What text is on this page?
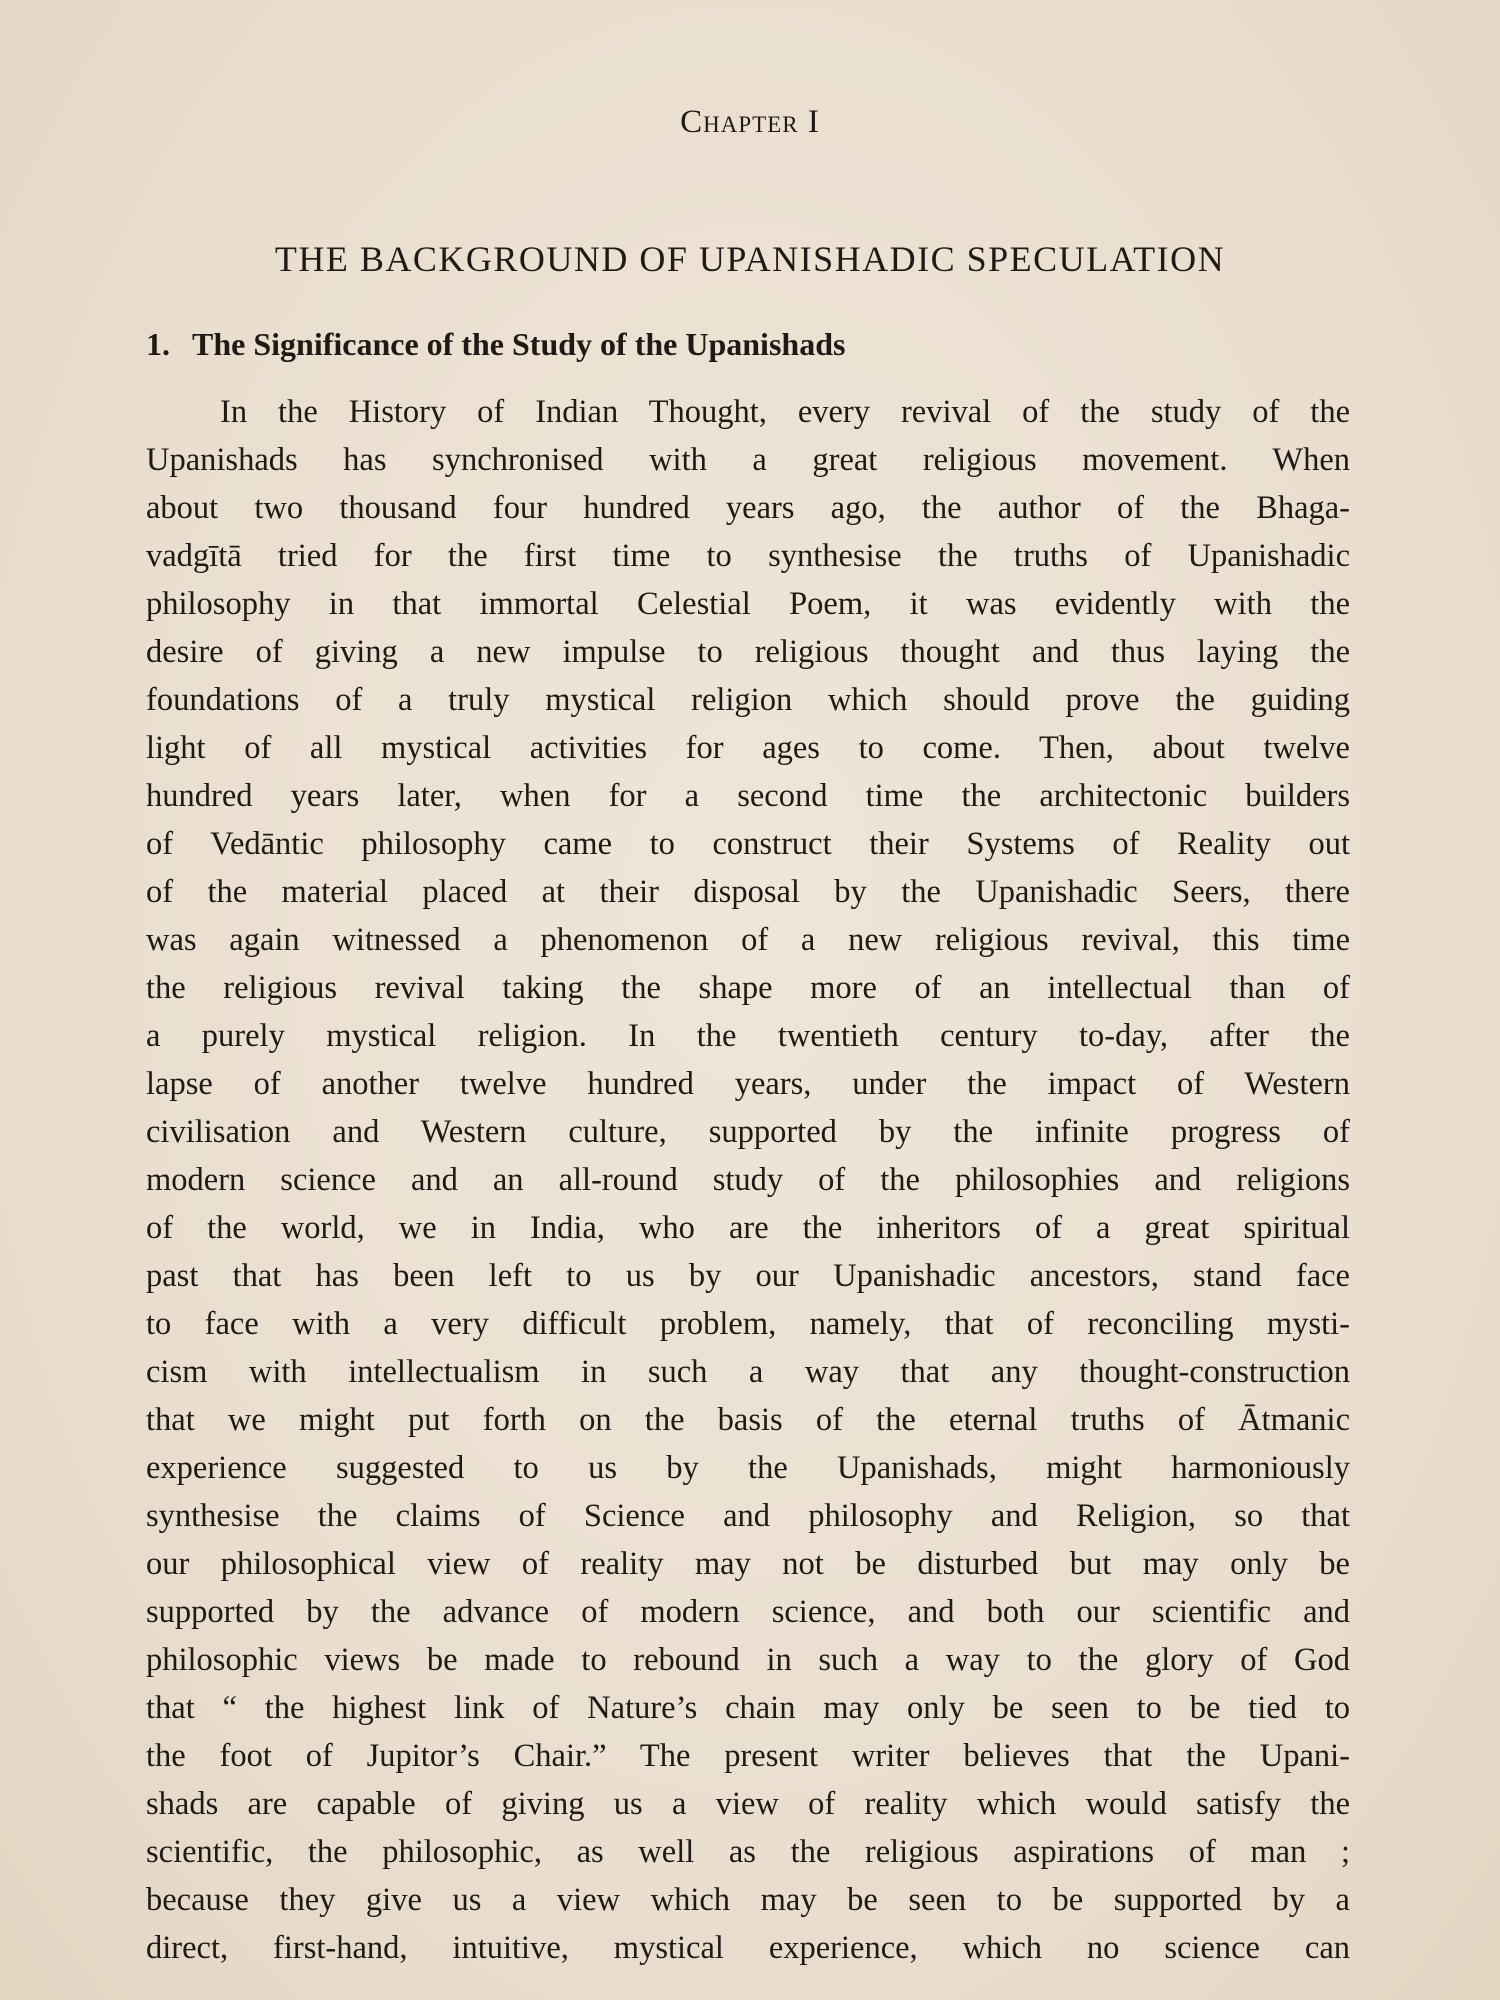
Chapter I
THE BACKGROUND OF UPANISHADIC SPECULATION
1. The Significance of the Study of the Upanishads
In the History of Indian Thought, every revival of the study of the
Upanishads has synchronised with a great religious movement. When
about two thousand four hundred years ago, the author of the Bhaga-
vadgītā tried for the first time to synthesise the truths of Upanishadic
philosophy in that immortal Celestial Poem, it was evidently with the
desire of giving a new impulse to religious thought and thus laying the
foundations of a truly mystical religion which should prove the guiding
light of all mystical activities for ages to come. Then, about twelve
hundred years later, when for a second time the architectonic builders
of Vedāntic philosophy came to construct their Systems of Reality out
of the material placed at their disposal by the Upanishadic Seers, there
was again witnessed a phenomenon of a new religious revival, this time
the religious revival taking the shape more of an intellectual than of
a purely mystical religion. In the twentieth century to-day, after the
lapse of another twelve hundred years, under the impact of Western
civilisation and Western culture, supported by the infinite progress of
modern science and an all-round study of the philosophies and religions
of the world, we in India, who are the inheritors of a great spiritual
past that has been left to us by our Upanishadic ancestors, stand face
to face with a very difficult problem, namely, that of reconciling mysti-
cism with intellectualism in such a way that any thought-construction
that we might put forth on the basis of the eternal truths of Ātmanic
experience suggested to us by the Upanishads, might harmoniously
synthesise the claims of Science and philosophy and Religion, so that
our philosophical view of reality may not be disturbed but may only be
supported by the advance of modern science, and both our scientific and
philosophic views be made to rebound in such a way to the glory of God
that “ the highest link of Nature’s chain may only be seen to be tied to
the foot of Jupitor’s Chair.” The present writer believes that the Upani-
shads are capable of giving us a view of reality which would satisfy the
scientific, the philosophic, as well as the religious aspirations of man ;
because they give us a view which may be seen to be supported by a
direct, first-hand, intuitive, mystical experience, which no science can
